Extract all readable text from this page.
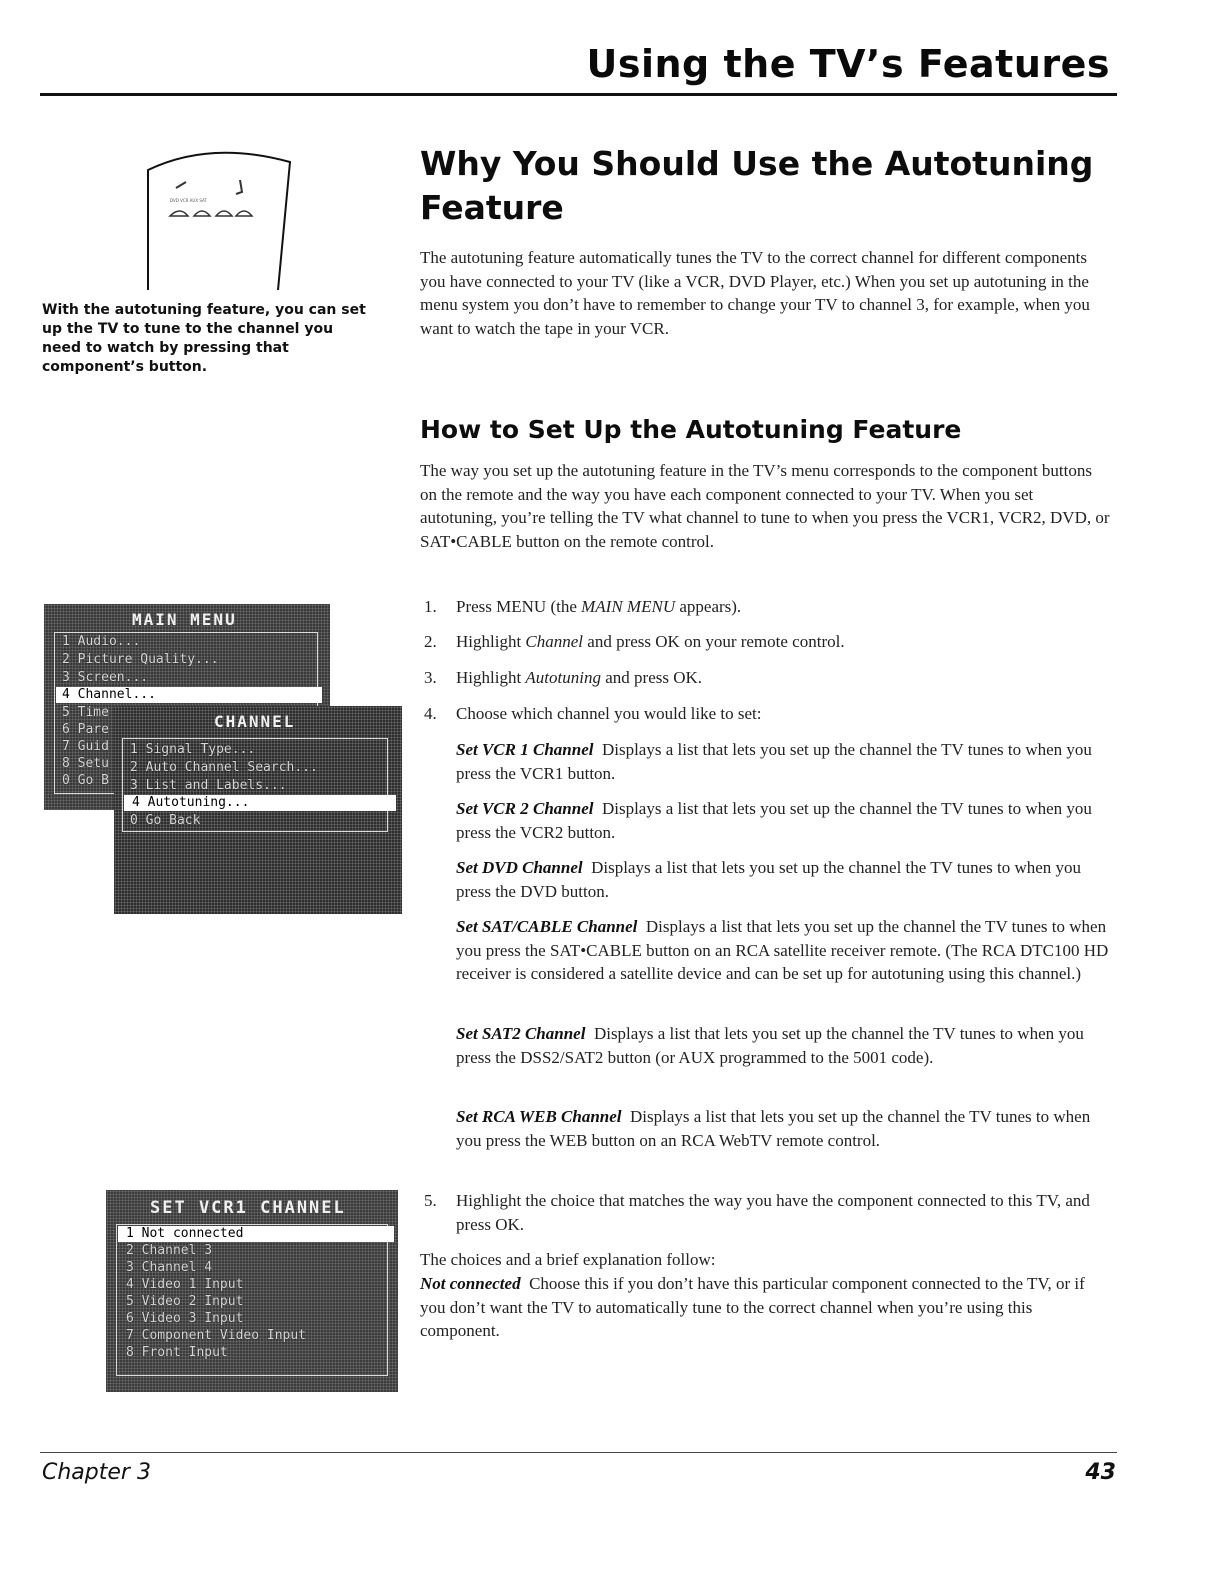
Using the TV’s Features
DVD VCR AUX SAT
With the autotuning feature, you can set up the TV to tune to the channel you need to watch by pressing that component’s button.
Why You Should Use the Autotuning Feature
The autotuning feature automatically tunes the TV to the correct channel for different components you have connected to your TV (like a VCR, DVD Player, etc.) When you set up autotuning in the menu system you don’t have to remember to change your TV to channel 3, for example, when you want to watch the tape in your VCR.
How to Set Up the Autotuning Feature
The way you set up the autotuning feature in the TV’s menu corresponds to the component buttons on the remote and the way you have each component connected to your TV. When you set autotuning, you’re telling the TV what channel to tune to when you press the VCR1, VCR2, DVD, or SAT•CABLE button on the remote control.
1. Press MENU (the MAIN MENU appears).
2. Highlight Channel and press OK on your remote control.
3. Highlight Autotuning and press OK.
4. Choose which channel you would like to set:
Set VCR 1 Channel Displays a list that lets you set up the channel the TV tunes to when you press the VCR1 button.
Set VCR 2 Channel Displays a list that lets you set up the channel the TV tunes to when you press the VCR2 button.
Set DVD Channel Displays a list that lets you set up the channel the TV tunes to when you press the DVD button.
Set SAT/CABLE Channel Displays a list that lets you set up the channel the TV tunes to when you press the SAT•CABLE button on an RCA satellite receiver remote. (The RCA DTC100 HD receiver is considered a satellite device and can be set up for autotuning using this channel.)
Set SAT2 Channel Displays a list that lets you set up the channel the TV tunes to when you press the DSS2/SAT2 button (or AUX programmed to the 5001 code).
Set RCA WEB Channel Displays a list that lets you set up the channel the TV tunes to when you press the WEB button on an RCA WebTV remote control.
5. Highlight the choice that matches the way you have the component connected to this TV, and press OK.
The choices and a brief explanation follow:
Not connected Choose this if you don’t have this particular component connected to the TV, or if you don’t want the TV to automatically tune to the correct channel when you’re using this component.
MAIN MENU
1 Audio...
2 Picture Quality...
3 Screen...
4 Channel...
5 Time
6 Pare
7 Guid
8 Setu
0 Go B
CHANNEL
1 Signal Type...
2 Auto Channel Search...
3 List and Labels...
4 Autotuning...
0 Go Back
SET VCR1 CHANNEL
1 Not connected
2 Channel 3
3 Channel 4
4 Video 1 Input
5 Video 2 Input
6 Video 3 Input
7 Component Video Input
8 Front Input
Chapter 3	43
